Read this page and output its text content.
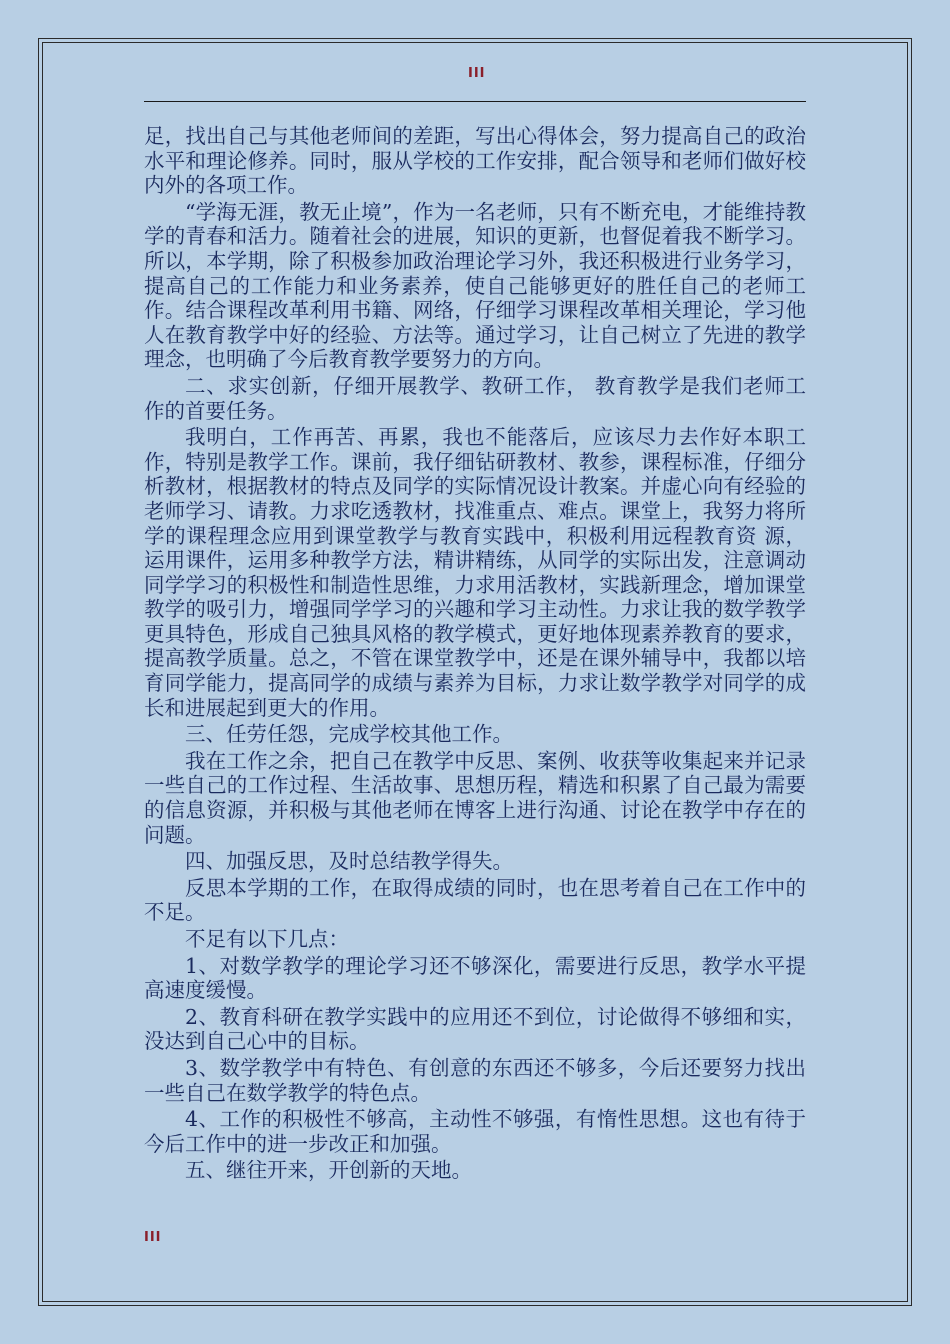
III

足，找出自己与其他老师间的差距，写出心得体会，努力提高自己的政治水平和理论修养。同时，服从学校的工作安排，配合领导和老师们做好校内外的各项工作。

“学海无涯，教无止境”，作为一名老师，只有不断充电，才能维持教学的青春和活力。随着社会的进展，知识的更新，也督促着我不断学习。所以，本学期，除了积极参加政治理论学习外，我还积极进行业务学习，提高自己的工作能力和业务素养，使自己能够更好的胜任自己的老师工作。结合课程改革利用书籍、网络，仔细学习课程改革相关理论，学习他人在教育教学中好的经验、方法等。通过学习，让自己树立了先进的教学理念，也明确了今后教育教学要努力的方向。

二、求实创新，仔细开展教学、教研工作， 教育教学是我们老师工作的首要任务。

我明白，工作再苦、再累，我也不能落后，应该尽力去作好本职工作，特别是教学工作。课前，我仔细钻研教材、教参，课程标准，仔细分析教材，根据教材的特点及同学的实际情况设计教案。并虚心向有经验的老师学习、请教。力求吃透教材，找准重点、难点。课堂上，我努力将所学的课程理念应用到课堂教学与教育实践中，积极利用远程教育资 源，运用课件，运用多种教学方法，精讲精练，从同学的实际出发，注意调动同学学习的积极性和制造性思维，力求用活教材，实践新理念，增加课堂教学的吸引力，增强同学学习的兴趣和学习主动性。力求让我的数学教学更具特色，形成自己独具风格的教学模式，更好地体现素养教育的要求，提高教学质量。总之，不管在课堂教学中，还是在课外辅导中，我都以培育同学能力，提高同学的成绩与素养为目标，力求让数学教学对同学的成长和进展起到更大的作用。

三、任劳任怨，完成学校其他工作。

我在工作之余，把自己在教学中反思、案例、收获等收集起来并记录一些自己的工作过程、生活故事、思想历程，精选和积累了自己最为需要的信息资源，并积极与其他老师在博客上进行沟通、讨论在教学中存在的问题。

四、加强反思，及时总结教学得失。

反思本学期的工作，在取得成绩的同时，也在思考着自己在工作中的不足。

不足有以下几点：

1、对数学教学的理论学习还不够深化，需要进行反思，教学水平提高速度缓慢。

2、教育科研在教学实践中的应用还不到位，讨论做得不够细和实，没达到自己心中的目标。

3、数学教学中有特色、有创意的东西还不够多，今后还要努力找出一些自己在数学教学的特色点。

4、工作的积极性不够高，主动性不够强，有惰性思想。这也有待于今后工作中的进一步改正和加强。

五、继往开来，开创新的天地。

III
